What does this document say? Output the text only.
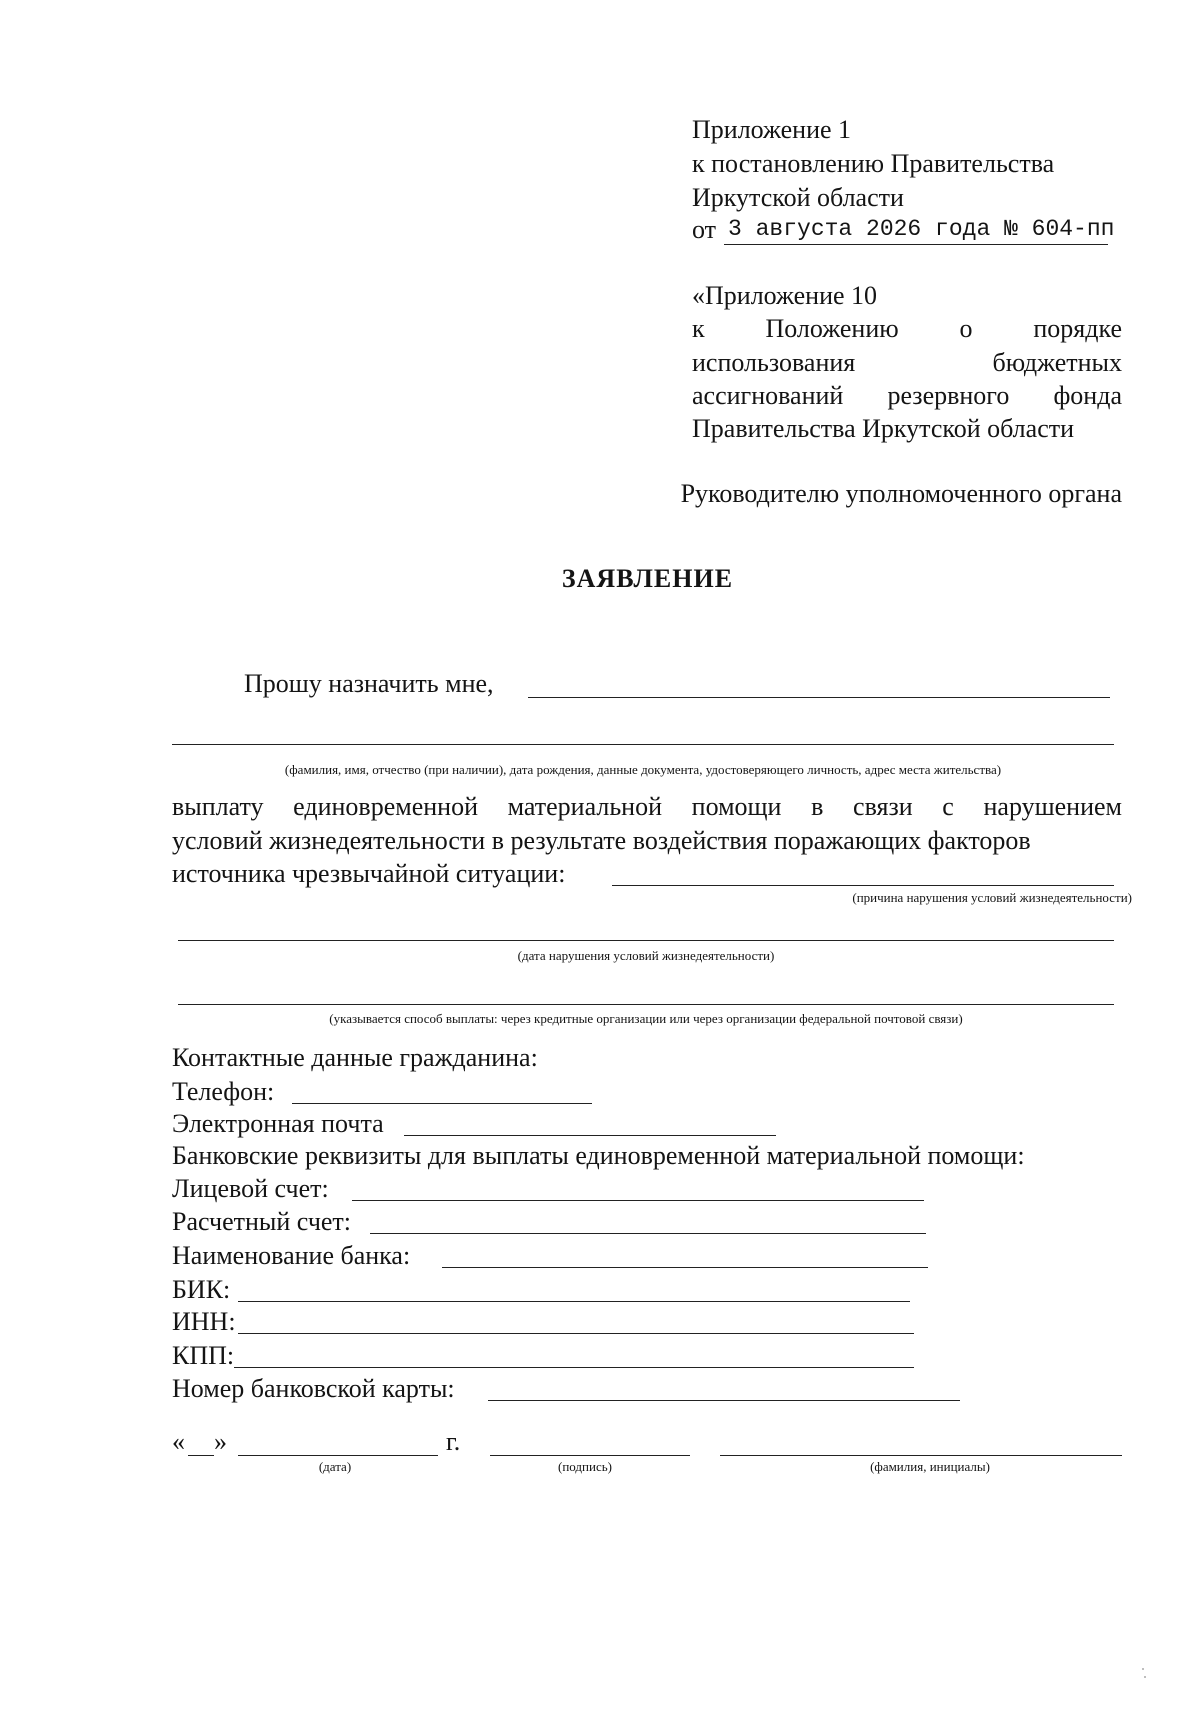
Приложение 1
к постановлению Правительства
Иркутской области
от 3 августа 2026 года № 604-пп
«Приложение 10
к Положению о порядке
использования	бюджетных
ассигнований резервного фонда
Правительства Иркутской области
Руководителю уполномоченного органа
ЗАЯВЛЕНИЕ
Прошу назначить мне,
(фамилия, имя, отчество (при наличии), дата рождения, данные документа, удостоверяющего личность, адрес места жительства)
выплату единовременной материальной помощи в связи с нарушением
условий жизнедеятельности в результате воздействия поражающих факторов
источника чрезвычайной ситуации:
(причина нарушения условий жизнедеятельности)
(дата нарушения условий жизнедеятельности)
(указывается способ выплаты: через кредитные организации или через организации федеральной почтовой связи)
Контактные данные гражданина:
Телефон:
Электронная почта
Банковские реквизиты для выплаты единовременной материальной помощи:
Лицевой счет:
Расчетный счет:
Наименование банка:
БИК:
ИНН:
КПП:
Номер банковской карты:
« »	г.
(дата)	(подпись)	(фамилия, инициалы)
